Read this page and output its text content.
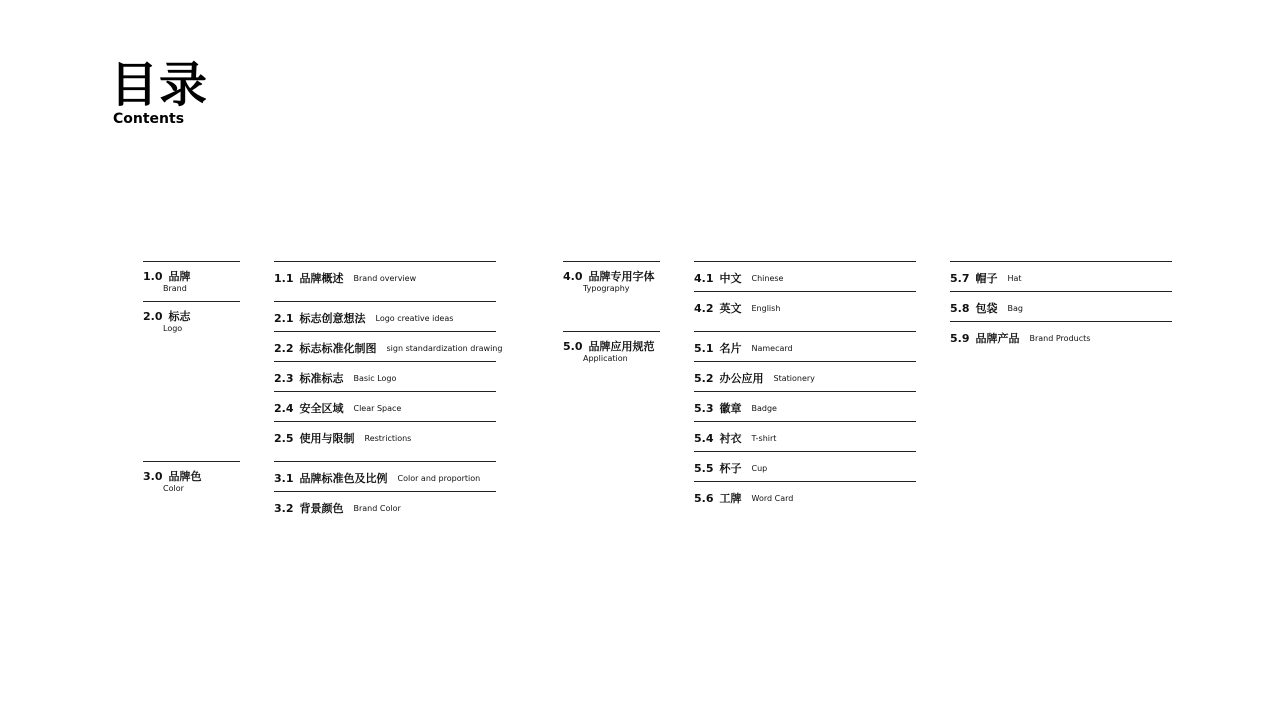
目录
Contents
1.0 品牌
Brand
2.0 标志
Logo
3.0 品牌色
Color
1.1 品牌概述 Brand overview
2.1 标志创意想法 Logo creative ideas
2.2 标志标准化制图 sign standardization drawing
2.3 标准标志 Basic Logo
2.4 安全区域 Clear Space
2.5 使用与限制 Restrictions
3.1 品牌标准色及比例 Color and proportion
3.2 背景颜色 Brand Color
4.0 品牌专用字体
Typography
5.0 品牌应用规范
Application
4.1 中文 Chinese
4.2 英文 English
5.1 名片 Namecard
5.2 办公应用 Stationery
5.3 徽章 Badge
5.4 衬衣 T-shirt
5.5 杯子 Cup
5.6 工牌 Word Card
5.7 帽子 Hat
5.8 包袋 Bag
5.9 品牌产品 Brand Products
